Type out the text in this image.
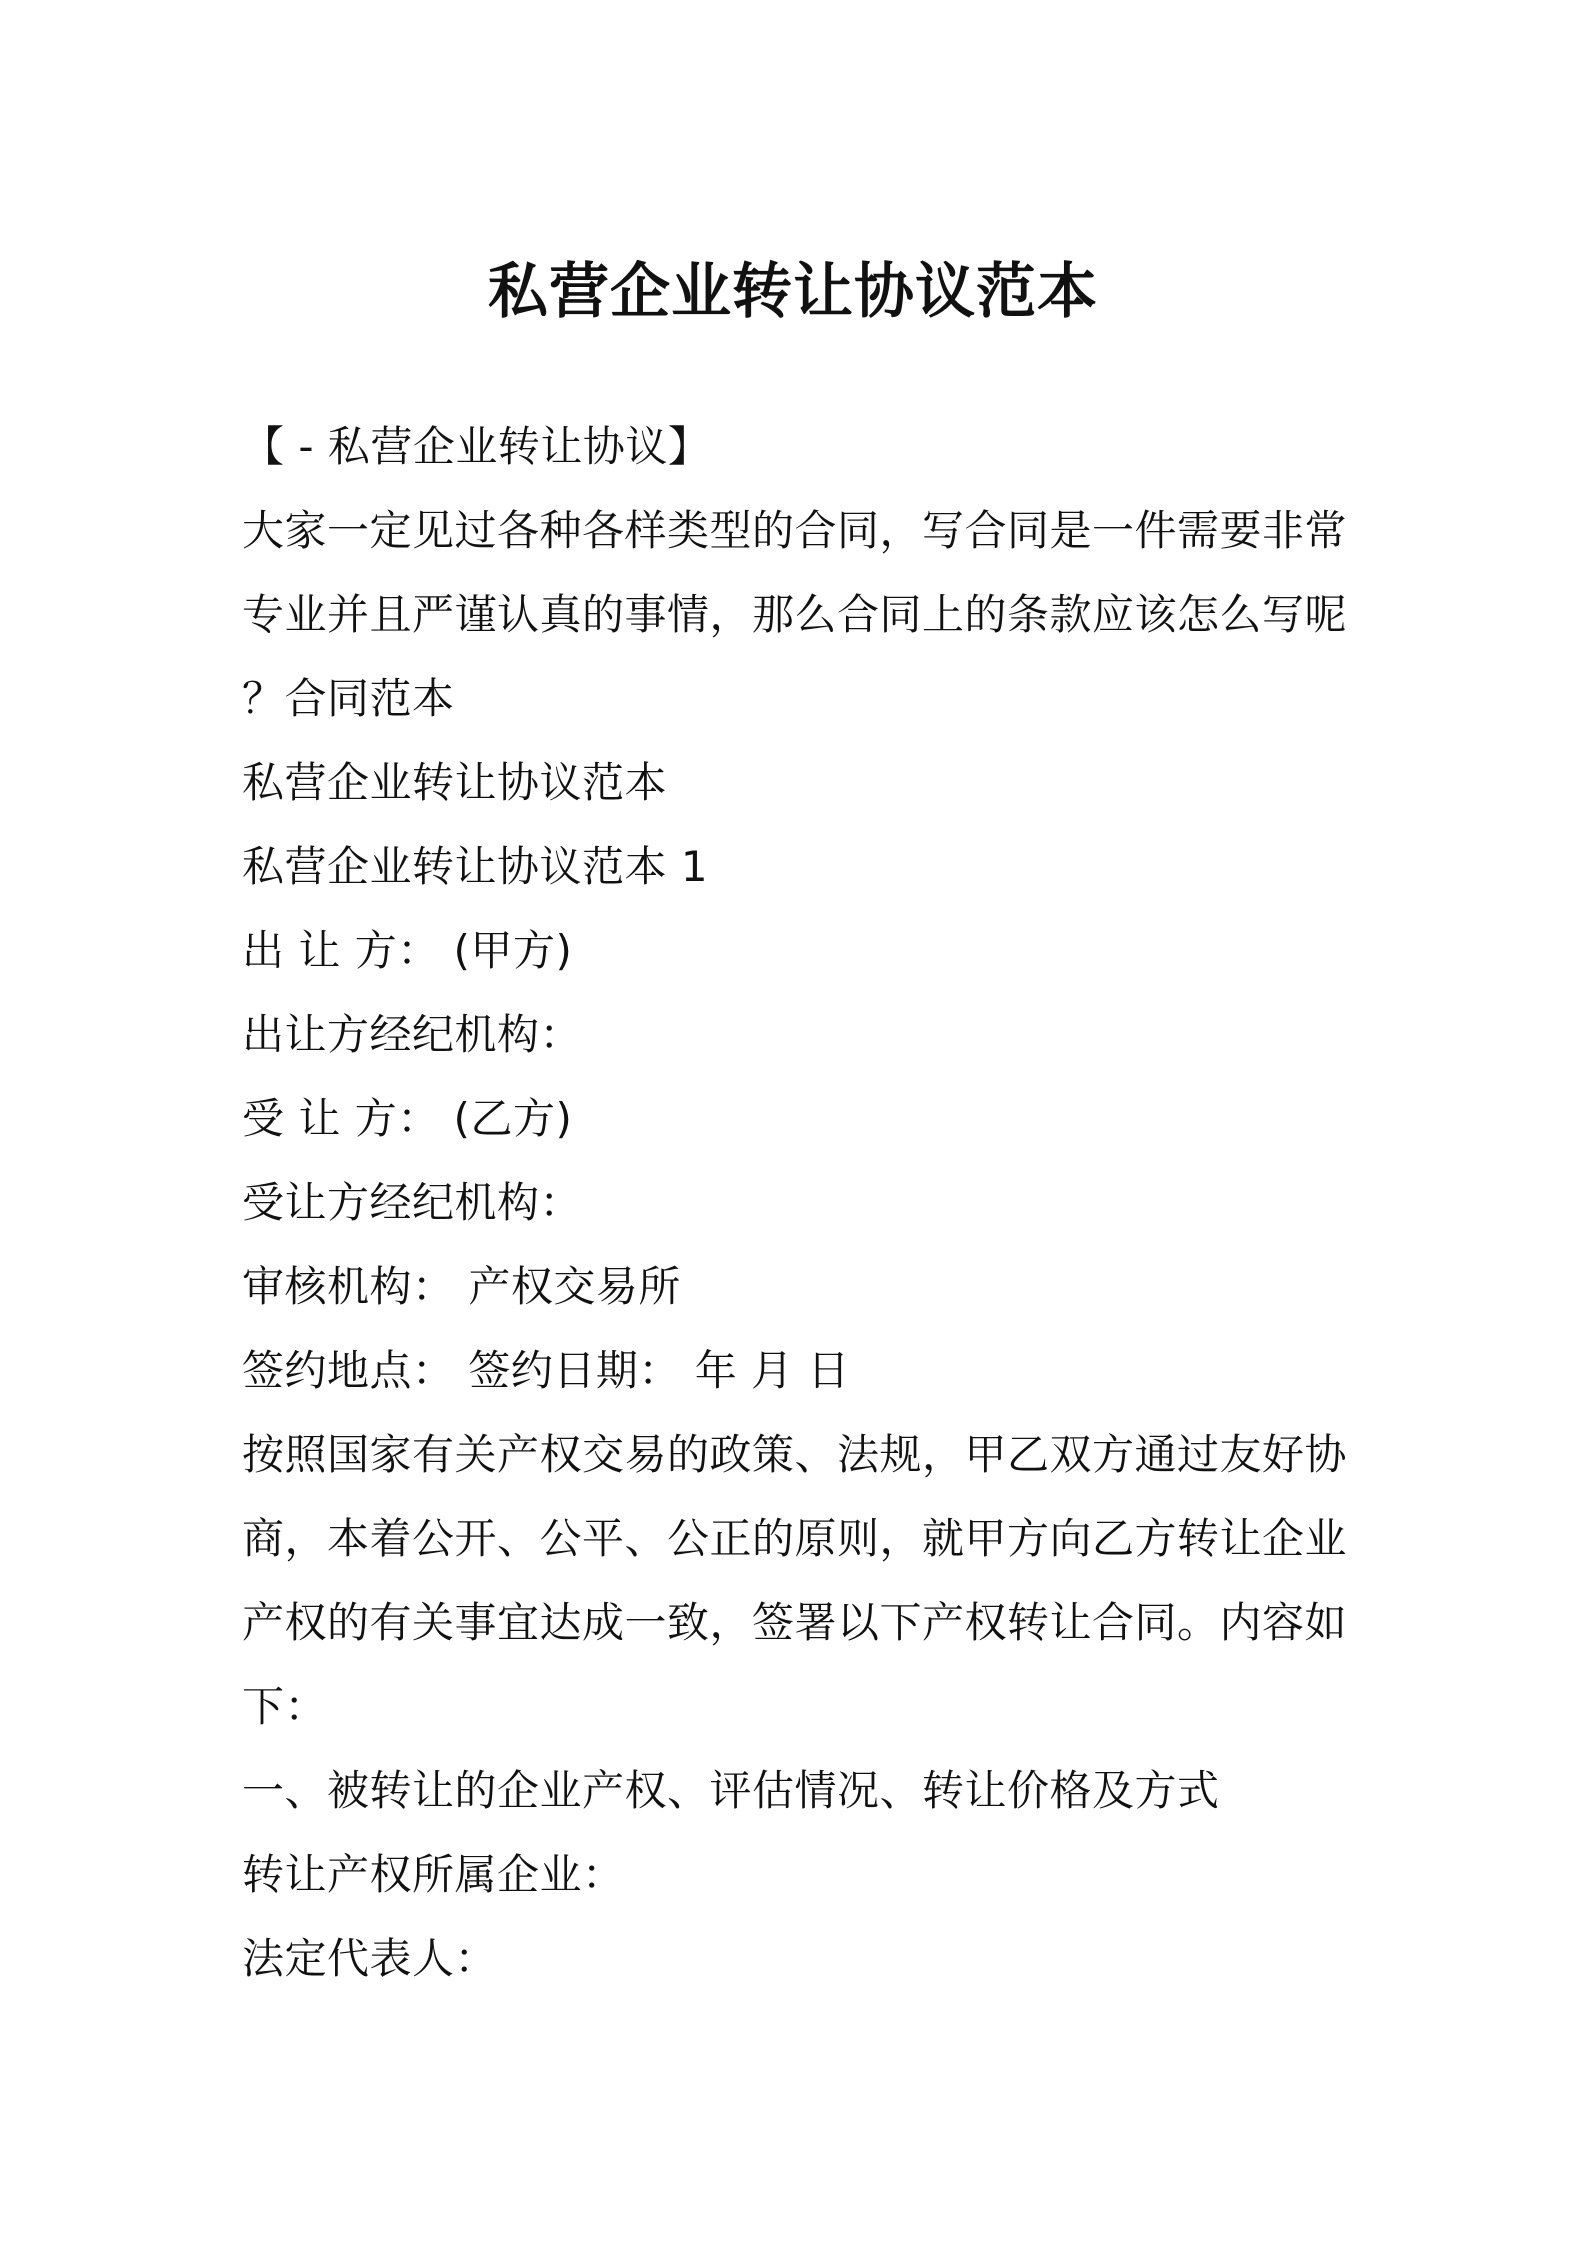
私营企业转让协议范本
【 - 私营企业转让协议】
大家一定见过各种各样类型的合同，写合同是一件需要非常
专业并且严谨认真的事情，那么合同上的条款应该怎么写呢
？合同范本
私营企业转让协议范本
私营企业转让协议范本 1
出 让 方： (甲方)
出让方经纪机构：
受 让 方： (乙方)
受让方经纪机构：
审核机构： 产权交易所
签约地点： 签约日期： 年 月 日
按照国家有关产权交易的政策、法规，甲乙双方通过友好协
商，本着公开、公平、公正的原则，就甲方向乙方转让企业
产权的有关事宜达成一致，签署以下产权转让合同。内容如
下：
一、被转让的企业产权、评估情况、转让价格及方式
转让产权所属企业：
法定代表人：
